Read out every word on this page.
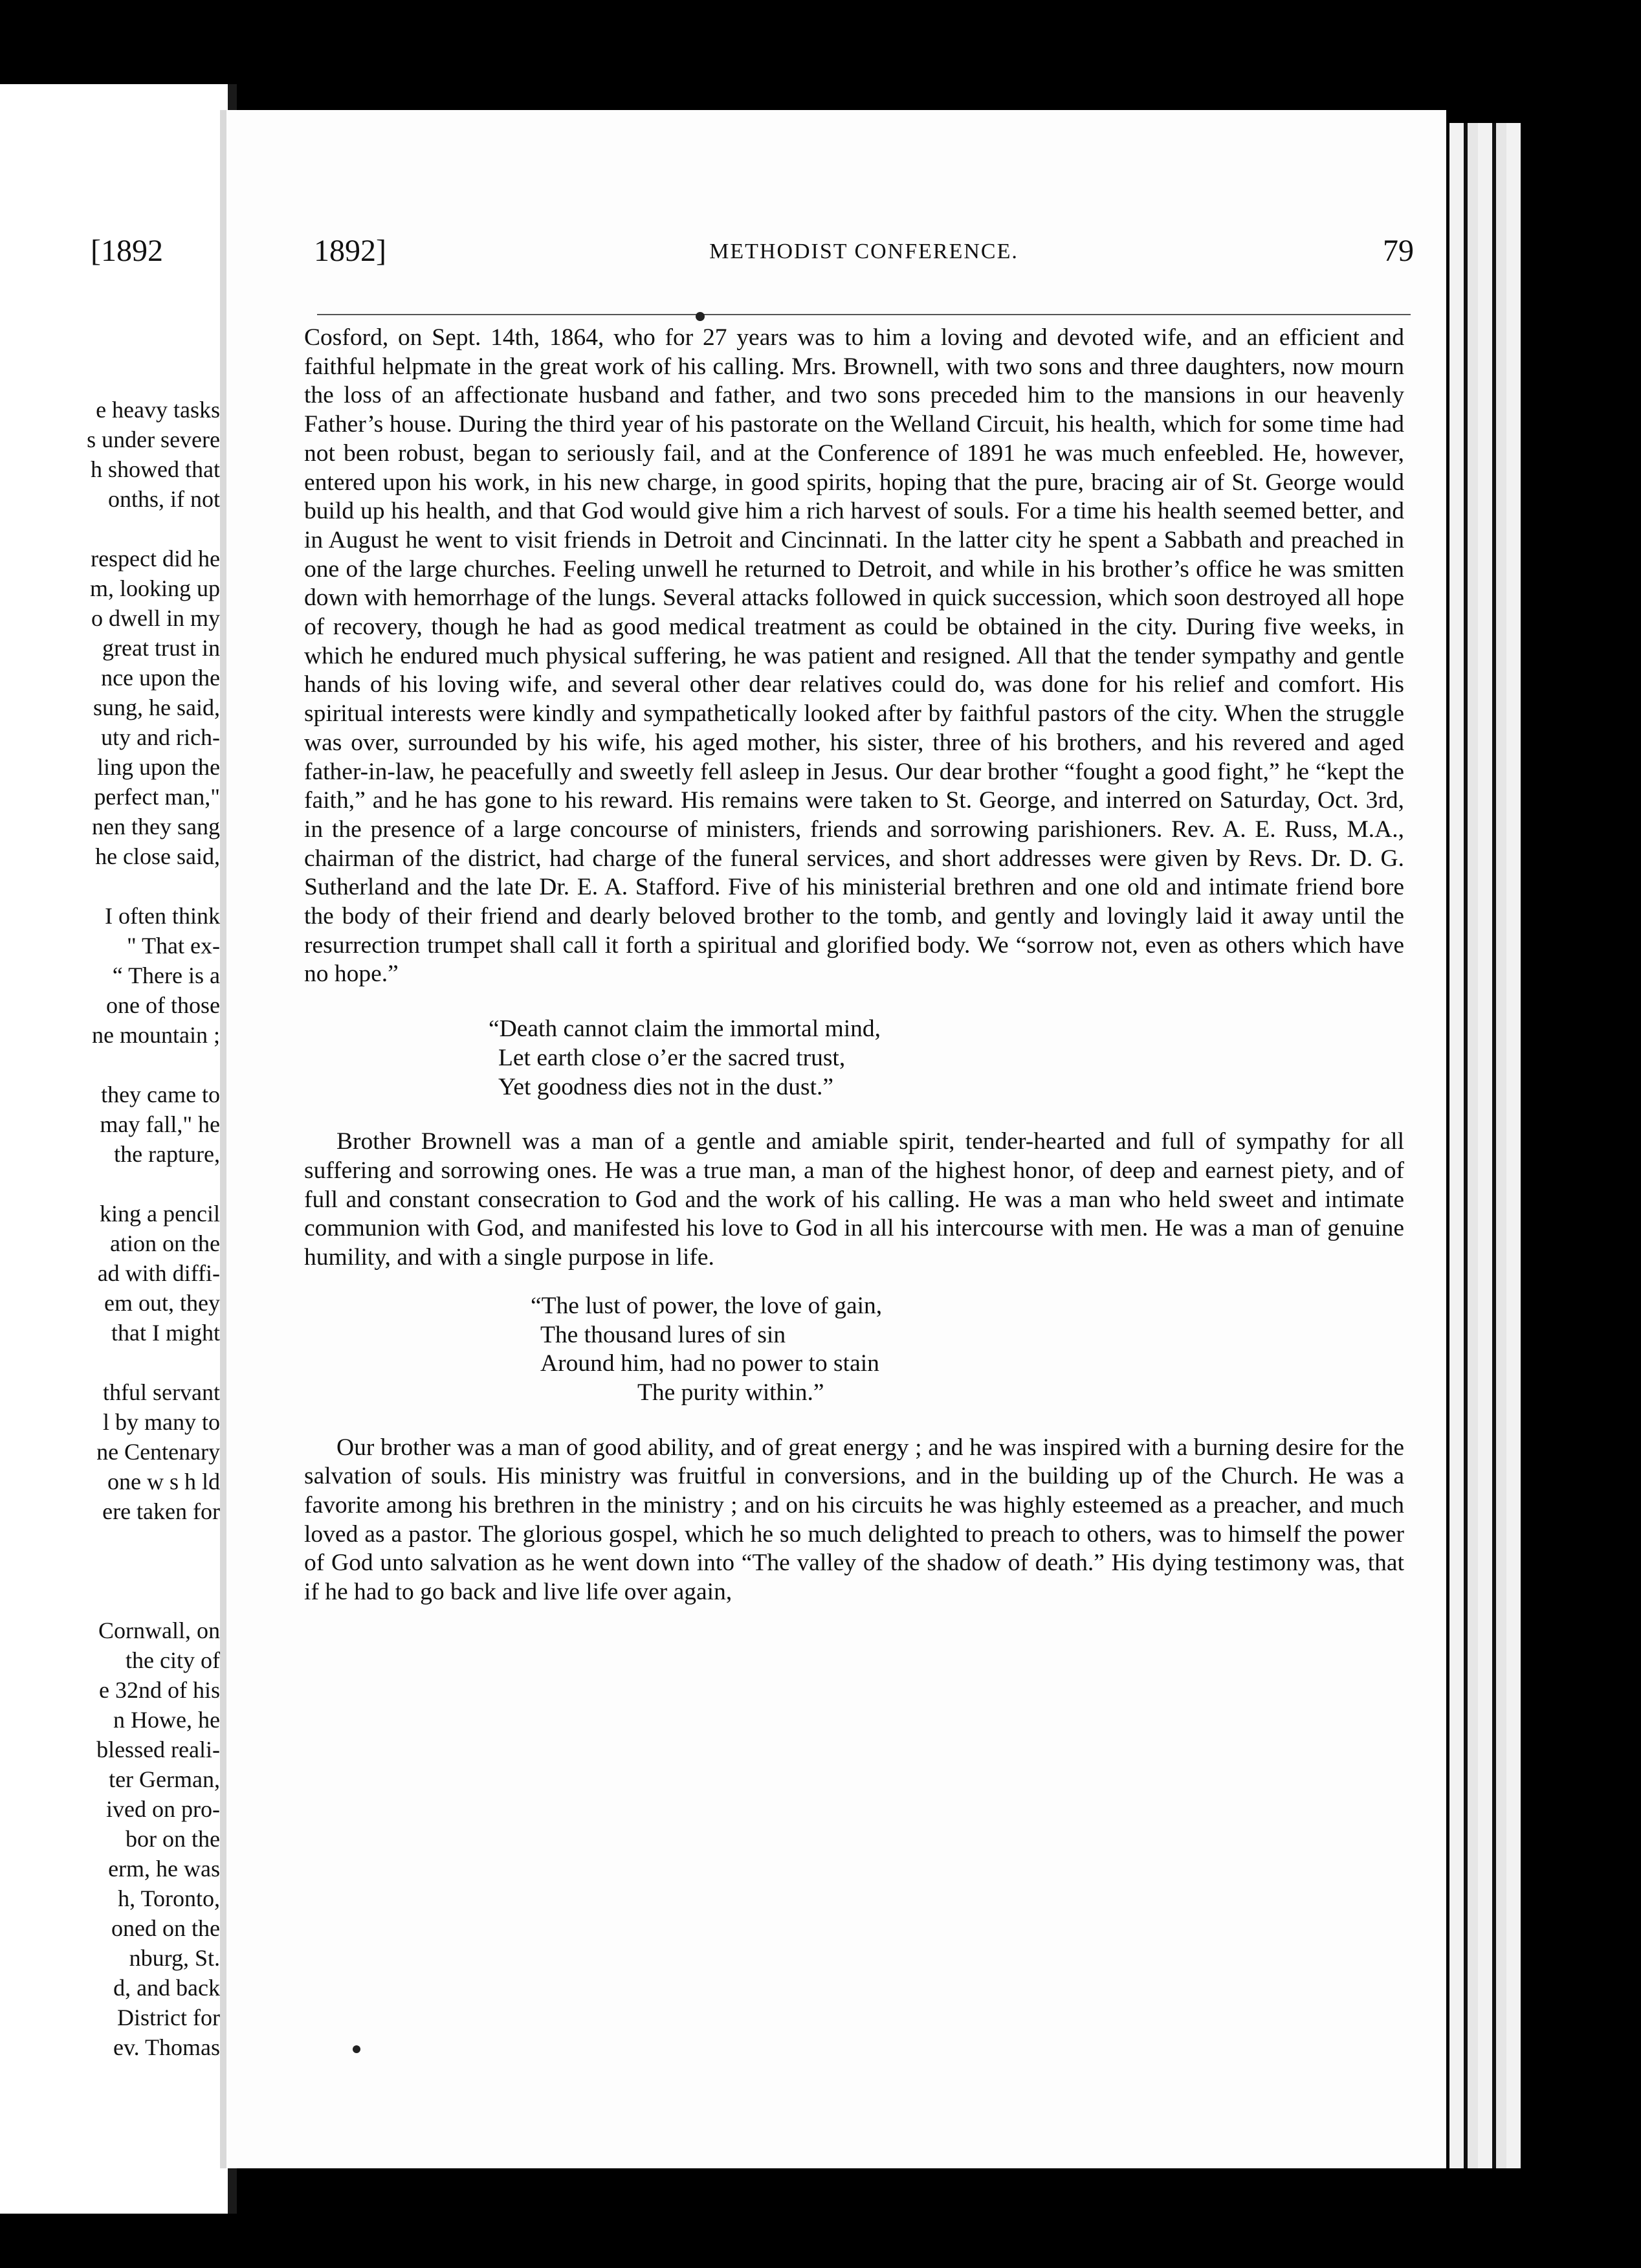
[1892
e heavy tasks
s under severe
h showed that
onths, if not
respect did he
m, looking up
o dwell in my
great trust in
nce upon the
sung, he said,
uty and rich-
ling upon the
perfect man,"
nen they sang
he close said,
I often think
" That ex-
“ There is a
one of those
ne mountain ;
they came to
may fall," he
the rapture,
king a pencil
ation on the
ad with diffi-
em out, they
that I might
thful servant
l by many to
ne Centenary
one w s h ld
ere taken for
Cornwall, on
the city of
e 32nd of his
n Howe, he
blessed reali-
ter German,
ived on pro-
bor on the
erm, he was
h, Toronto,
oned on the
nburg, St.
d, and back
District for
ev. Thomas
1892]	METHODIST CONFERENCE.	79

Cosford, on Sept. 14th, 1864, who for 27 years was to him a loving and devoted wife, and an efficient and faithful helpmate in the great work of his calling. Mrs. Brownell, with two sons and three daughters, now mourn the loss of an affectionate husband and father, and two sons preceded him to the mansions in our heavenly Father’s house. During the third year of his pastorate on the Welland Circuit, his health, which for some time had not been robust, began to seriously fail, and at the Conference of 1891 he was much enfeebled. He, however, entered upon his work, in his new charge, in good spirits, hoping that the pure, bracing air of St. George would build up his health, and that God would give him a rich harvest of souls. For a time his health seemed better, and in August he went to visit friends in Detroit and Cincinnati. In the latter city he spent a Sabbath and preached in one of the large churches. Feeling unwell he returned to Detroit, and while in his brother’s office he was smitten down with hemorrhage of the lungs. Several attacks followed in quick succession, which soon destroyed all hope of recovery, though he had as good medical treatment as could be obtained in the city. During five weeks, in which he endured much physical suffering, he was patient and resigned. All that the tender sympathy and gentle hands of his loving wife, and several other dear relatives could do, was done for his relief and comfort. His spiritual interests were kindly and sympathetically looked after by faithful pastors of the city. When the struggle was over, surrounded by his wife, his aged mother, his sister, three of his brothers, and his revered and aged father-in-law, he peacefully and sweetly fell asleep in Jesus. Our dear brother “fought a good fight,” he “kept the faith,” and he has gone to his reward. His remains were taken to St. George, and interred on Saturday, Oct. 3rd, in the presence of a large concourse of ministers, friends and sorrowing parishioners. Rev. A. E. Russ, M.A., chairman of the district, had charge of the funeral services, and short addresses were given by Revs. Dr. D. G. Sutherland and the late Dr. E. A. Stafford. Five of his ministerial brethren and one old and intimate friend bore the body of their friend and dearly beloved brother to the tomb, and gently and lovingly laid it away until the resurrection trumpet shall call it forth a spiritual and glorified body. We “sorrow not, even as others which have no hope.”

“Death cannot claim the immortal mind,
Let earth close o’er the sacred trust,
Yet goodness dies not in the dust.”

Brother Brownell was a man of a gentle and amiable spirit, tender-hearted and full of sympathy for all suffering and sorrowing ones. He was a true man, a man of the highest honor, of deep and earnest piety, and of full and constant consecration to God and the work of his calling. He was a man who held sweet and intimate communion with God, and manifested his love to God in all his intercourse with men. He was a man of genuine humility, and with a single purpose in life.

“The lust of power, the love of gain,
The thousand lures of sin
Around him, had no power to stain
The purity within.”

Our brother was a man of good ability, and of great energy ; and he was inspired with a burning desire for the salvation of souls. His ministry was fruitful in conversions, and in the building up of the Church. He was a favorite among his brethren in the ministry ; and on his circuits he was highly esteemed as a preacher, and much loved as a pastor. The glorious gospel, which he so much delighted to preach to others, was to himself the power of God unto salvation as he went down into “The valley of the shadow of death.” His dying testimony was, that if he had to go back and live life over again,
